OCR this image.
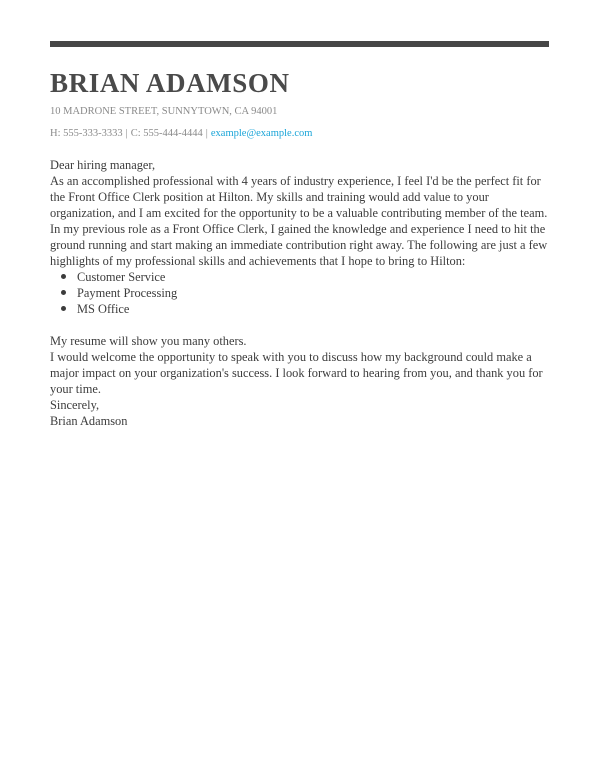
BRIAN ADAMSON
10 MADRONE STREET, SUNNYTOWN, CA 94001
H: 555-333-3333 | C: 555-444-4444 | example@example.com

Dear hiring manager,

As an accomplished professional with 4 years of industry experience, I feel I'd be the perfect fit for the Front Office Clerk position at Hilton. My skills and training would add value to your organization, and I am excited for the opportunity to be a valuable contributing member of the team.

In my previous role as a Front Office Clerk, I gained the knowledge and experience I need to hit the ground running and start making an immediate contribution right away. The following are just a few highlights of my professional skills and achievements that I hope to bring to Hilton:

Customer Service
Payment Processing
MS Office

My resume will show you many others.

I would welcome the opportunity to speak with you to discuss how my background could make a major impact on your organization's success. I look forward to hearing from you, and thank you for your time.

Sincerely,

Brian Adamson
